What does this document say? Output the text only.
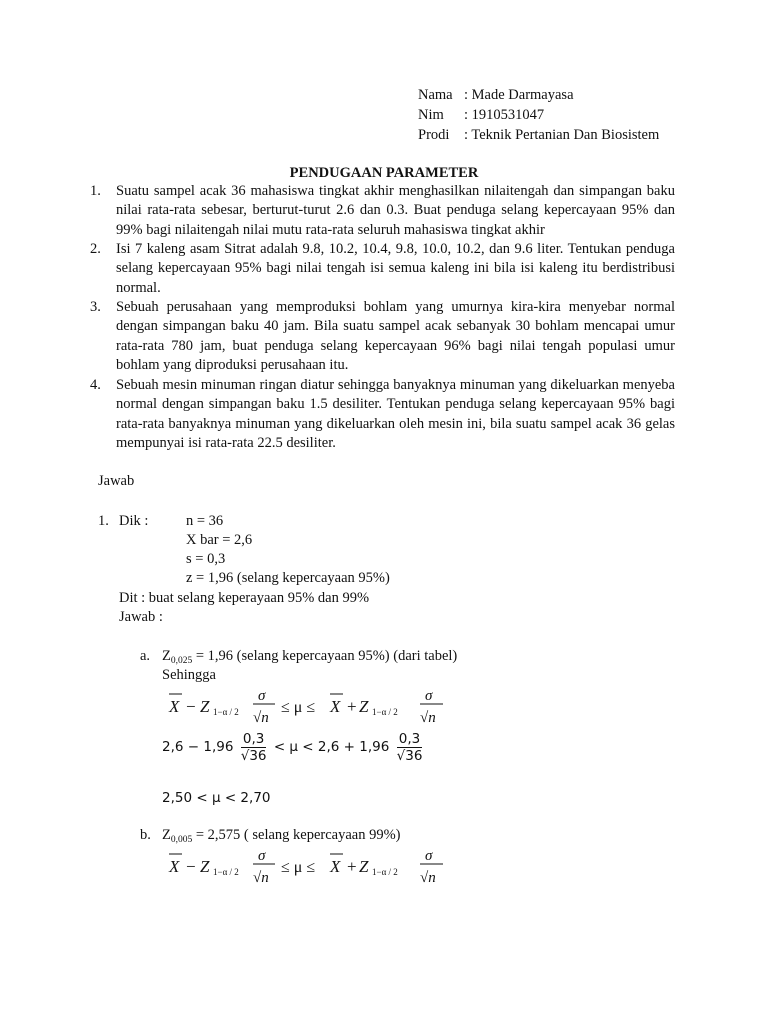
Nama : Made Darmayasa
Nim : 1910531047
Prodi : Teknik Pertanian Dan Biosistem
PENDUGAAN PARAMETER
1. Suatu sampel acak 36 mahasiswa tingkat akhir menghasilkan nilaitengah dan simpangan baku nilai rata-rata sebesar, berturut-turut 2.6 dan 0.3. Buat penduga selang kepercayaan 95% dan 99% bagi nilaitengah nilai mutu rata-rata seluruh mahasiswa tingkat akhir
2. Isi 7 kaleng asam Sitrat adalah 9.8, 10.2, 10.4, 9.8, 10.0, 10.2, dan 9.6 liter. Tentukan penduga selang kepercayaan 95% bagi nilai tengah isi semua kaleng ini bila isi kaleng itu berdistribusi normal.
3. Sebuah perusahaan yang memproduksi bohlam yang umurnya kira-kira menyebar normal dengan simpangan baku 40 jam. Bila suatu sampel acak sebanyak 30 bohlam mencapai umur rata-rata 780 jam, buat penduga selang kepercayaan 96% bagi nilai tengah populasi umur bohlam yang diproduksi perusahaan itu.
4. Sebuah mesin minuman ringan diatur sehingga banyaknya minuman yang dikeluarkan menyeba normal dengan simpangan baku 1.5 desiliter. Tentukan penduga selang kepercayaan 95% bagi rata-rata banyaknya minuman yang dikeluarkan oleh mesin ini, bila suatu sampel acak 36 gelas mempunyai isi rata-rata 22.5 desiliter.
Jawab
1. Dik :	n = 36
X bar = 2,6
s = 0,3
z = 1,96 (selang kepercayaan 95%)
Dit : buat selang keperayaan 95% dan 99%
Jawab :
a. $Z_{0,025} = 1,96$ (selang kepercayaan 95%) (dari tabel)
Sehingga
X − Z 1−α / 2
σ
√n
≤ μ ≤ X + Z 1−α / 2
σ
√n
$2,6 - 1,96 \frac{0,3}{√36} < \mu < 2,6 + 1,96 \frac{0,3}{√36}$
2,50 < μ < 2,70
b. $Z_{0,005} = 2,575$ ( selang kepercayaan 99%)
X − Z 1−α / 2
σ
√n
≤ μ ≤ X + Z 1−α / 2
σ
√n
